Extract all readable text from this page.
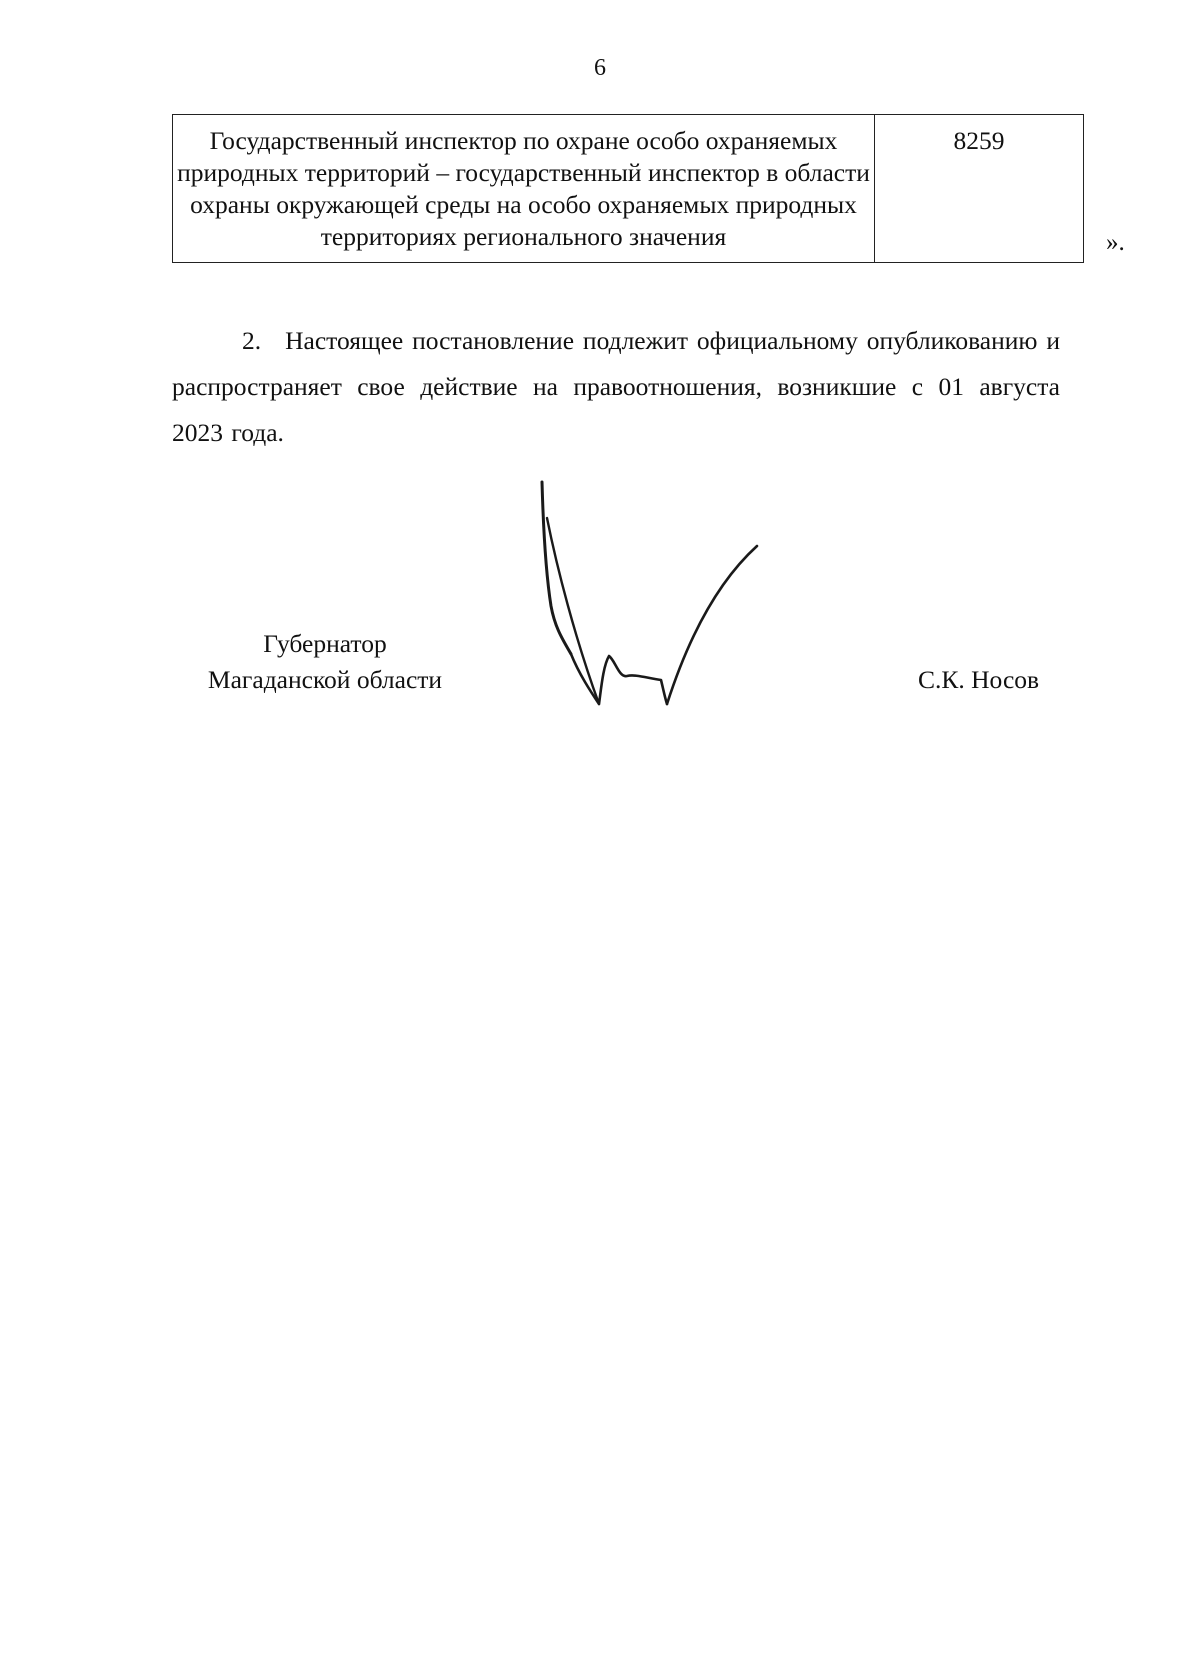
6
Государственный инспектор по охране особо охраняемых природных территорий – государственный инспектор в области охраны окружающей среды на особо охраняемых природных территориях регионального значения	8259
».
2. Настоящее постановление подлежит официальному опубликованию и распространяет свое действие на правоотношения, возникшие с 01 августа 2023 года.
Губернатор
Магаданской области	С.К. Носов
